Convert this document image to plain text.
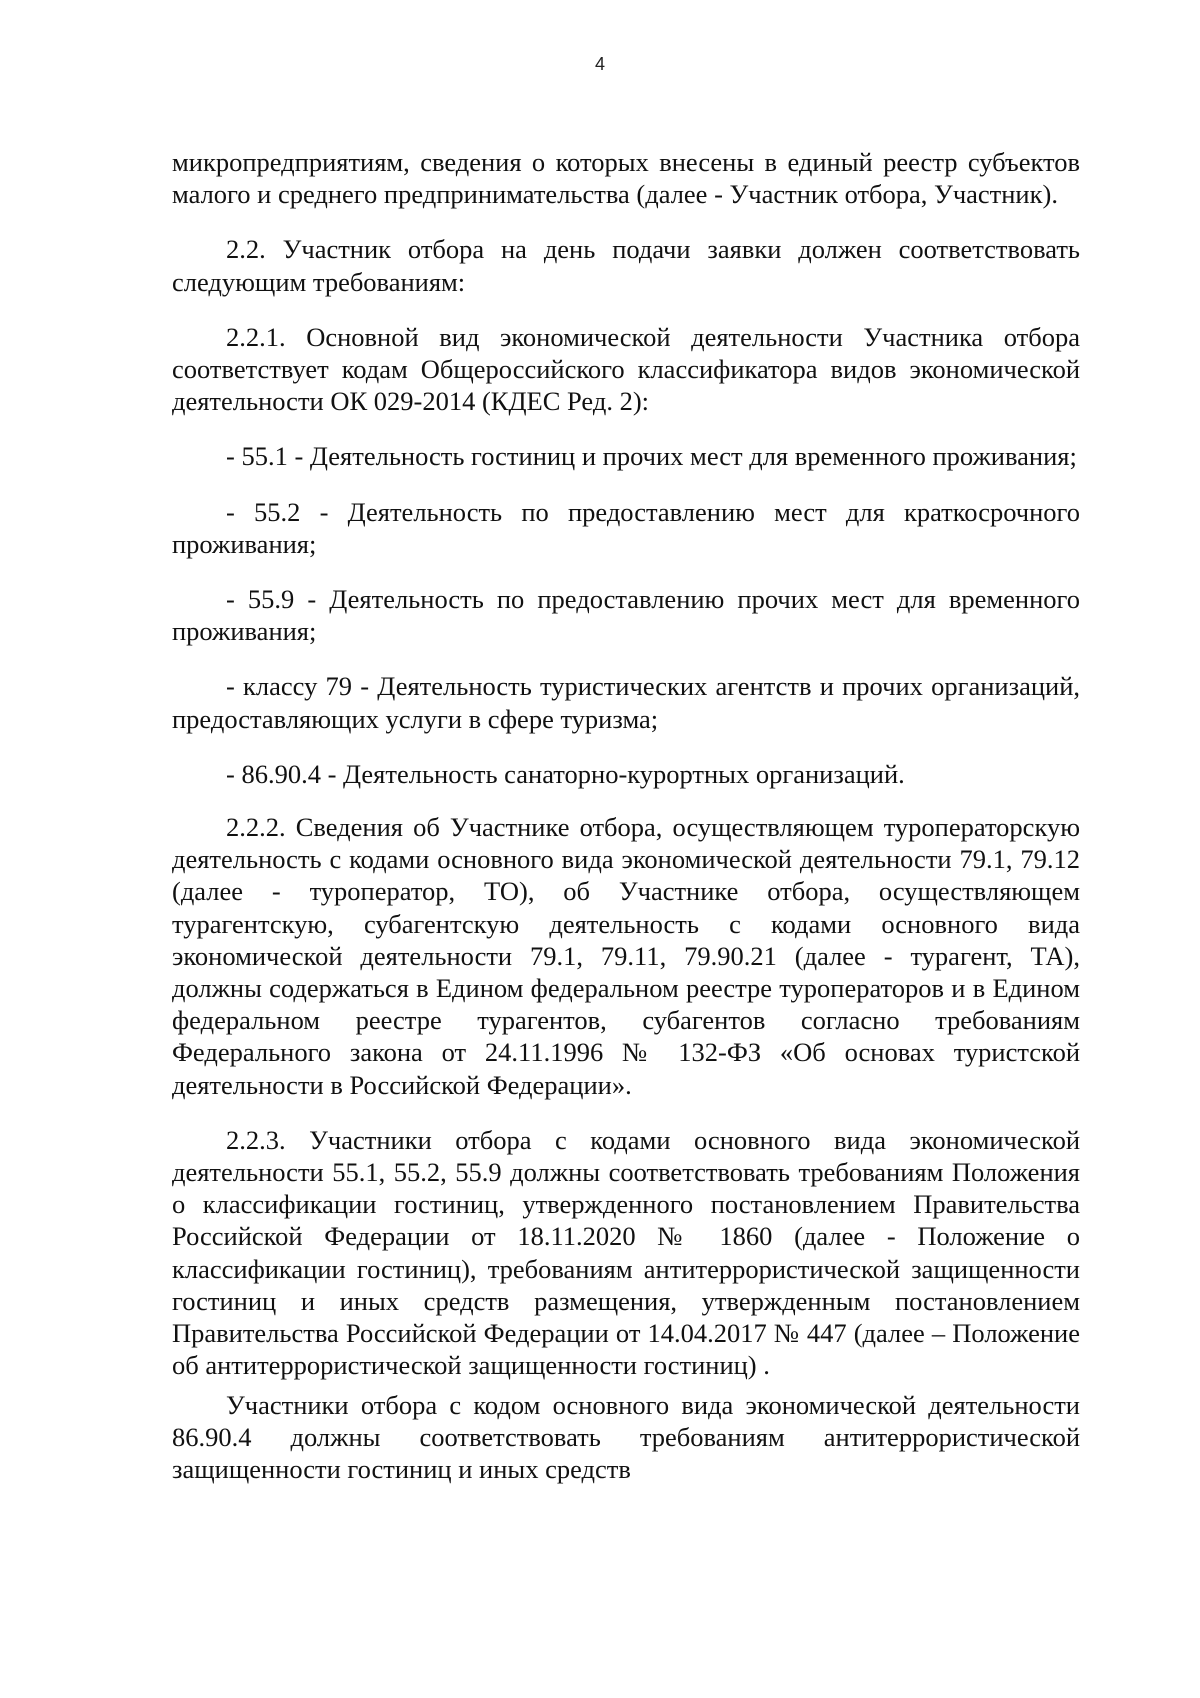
4

микропредприятиям, сведения о которых внесены в единый реестр субъектов малого и среднего предпринимательства (далее - Участник отбора, Участник).

2.2. Участник отбора на день подачи заявки должен соответствовать следующим требованиям:

2.2.1. Основной вид экономической деятельности Участника отбора соответствует кодам Общероссийского классификатора видов экономической деятельности ОК 029-2014 (КДЕС Ред. 2):

- 55.1 - Деятельность гостиниц и прочих мест для временного проживания;

- 55.2 - Деятельность по предоставлению мест для краткосрочного проживания;

- 55.9 - Деятельность по предоставлению прочих мест для временного проживания;

- классу 79 - Деятельность туристических агентств и прочих организаций, предоставляющих услуги в сфере туризма;

- 86.90.4 - Деятельность санаторно-курортных организаций.

2.2.2. Сведения об Участнике отбора, осуществляющем туроператорскую деятельность с кодами основного вида экономической деятельности 79.1, 79.12 (далее - туроператор, ТО), об Участнике отбора, осуществляющем турагентскую, субагентскую деятельность с кодами основного вида экономической деятельности 79.1, 79.11, 79.90.21 (далее - турагент, ТА), должны содержаться в Едином федеральном реестре туроператоров и в Едином федеральном реестре турагентов, субагентов согласно требованиям Федерального закона от 24.11.1996 № 132-ФЗ «Об основах туристской деятельности в Российской Федерации».

2.2.3. Участники отбора с кодами основного вида экономической деятельности 55.1, 55.2, 55.9 должны соответствовать требованиям Положения о классификации гостиниц, утвержденного постановлением Правительства Российской Федерации от 18.11.2020 № 1860 (далее - Положение о классификации гостиниц), требованиям антитеррористической защищенности гостиниц и иных средств размещения, утвержденным постановлением Правительства Российской Федерации от 14.04.2017 № 447 (далее – Положение об антитеррористической защищенности гостиниц) .

Участники отбора с кодом основного вида экономической деятельности 86.90.4 должны соответствовать требованиям антитеррористической защищенности гостиниц и иных средств
